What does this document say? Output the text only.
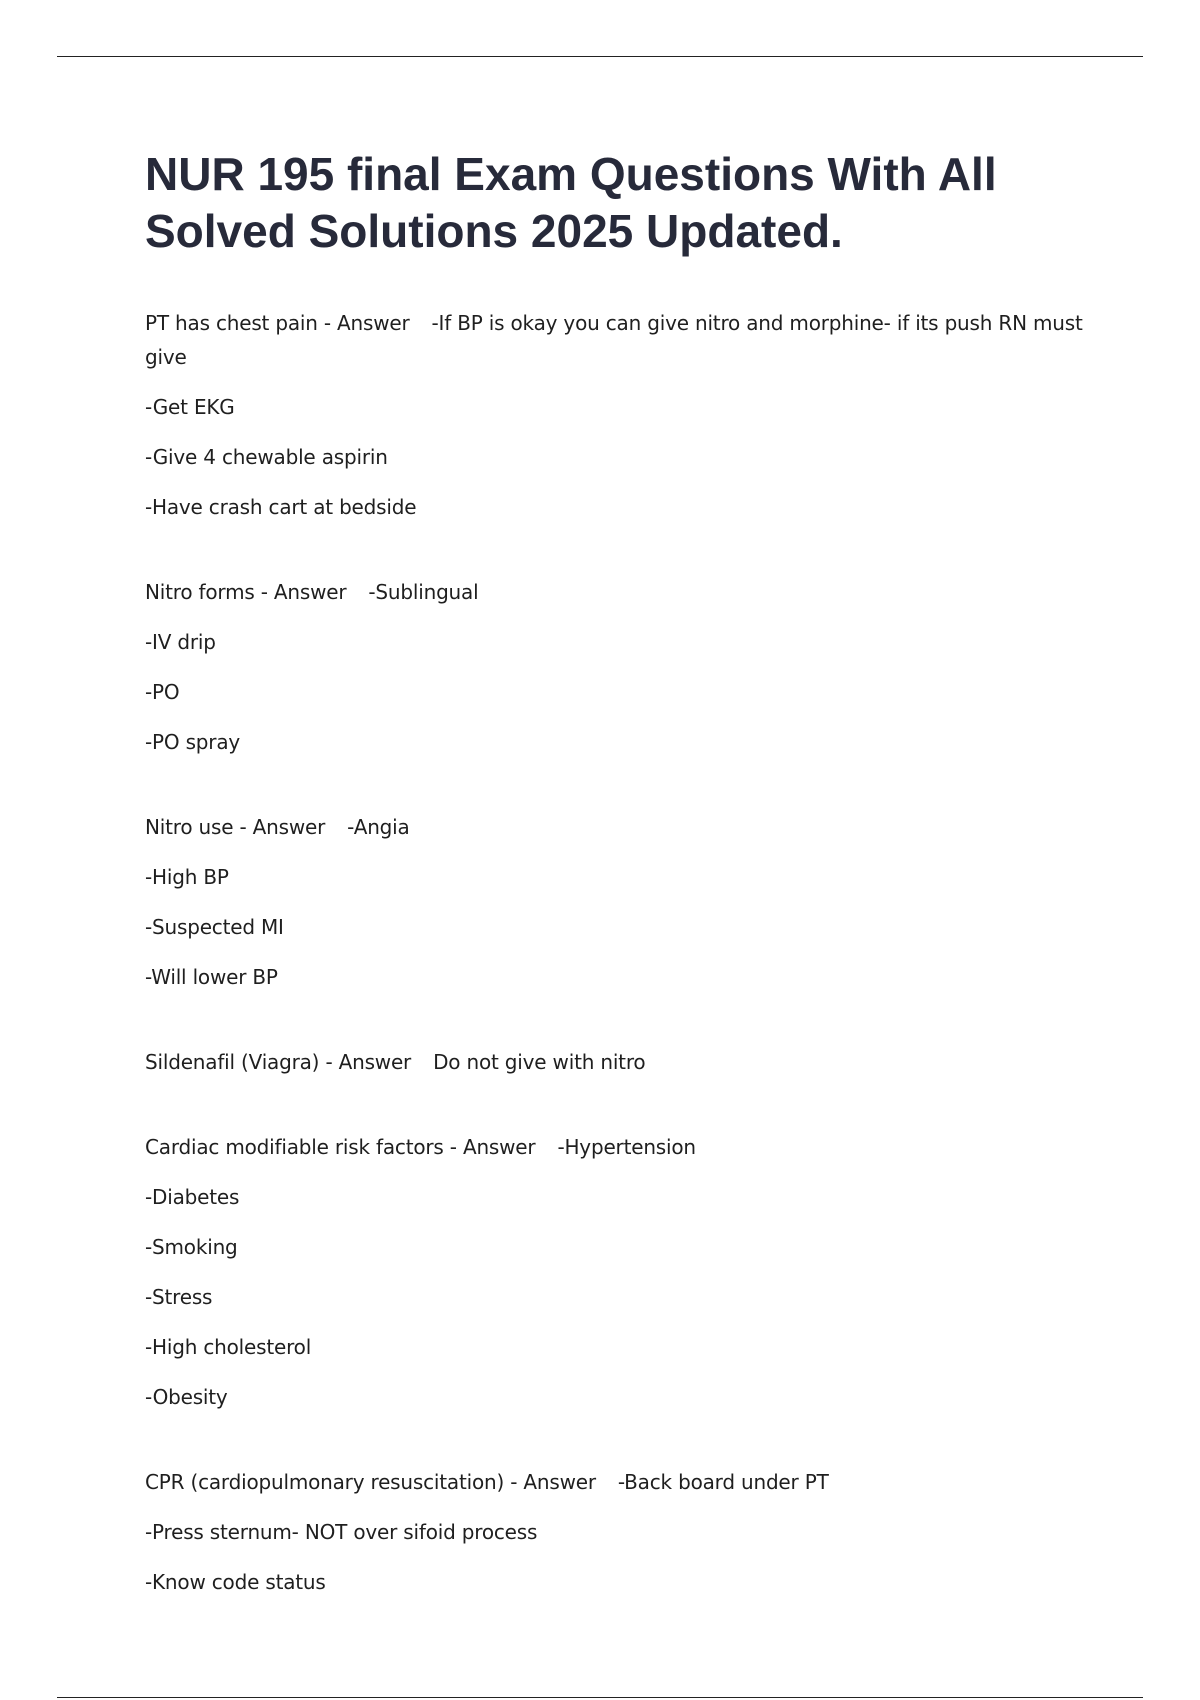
NUR 195 final Exam Questions With All Solved Solutions 2025 Updated.

PT has chest pain - Answer -If BP is okay you can give nitro and morphine- if its push RN must give

-Get EKG

-Give 4 chewable aspirin

-Have crash cart at bedside

Nitro forms - Answer -Sublingual

-IV drip

-PO

-PO spray

Nitro use - Answer -Angia

-High BP

-Suspected MI

-Will lower BP

Sildenafil (Viagra) - Answer Do not give with nitro

Cardiac modifiable risk factors - Answer -Hypertension

-Diabetes

-Smoking

-Stress

-High cholesterol

-Obesity

CPR (cardiopulmonary resuscitation) - Answer -Back board under PT

-Press sternum- NOT over sifoid process

-Know code status
